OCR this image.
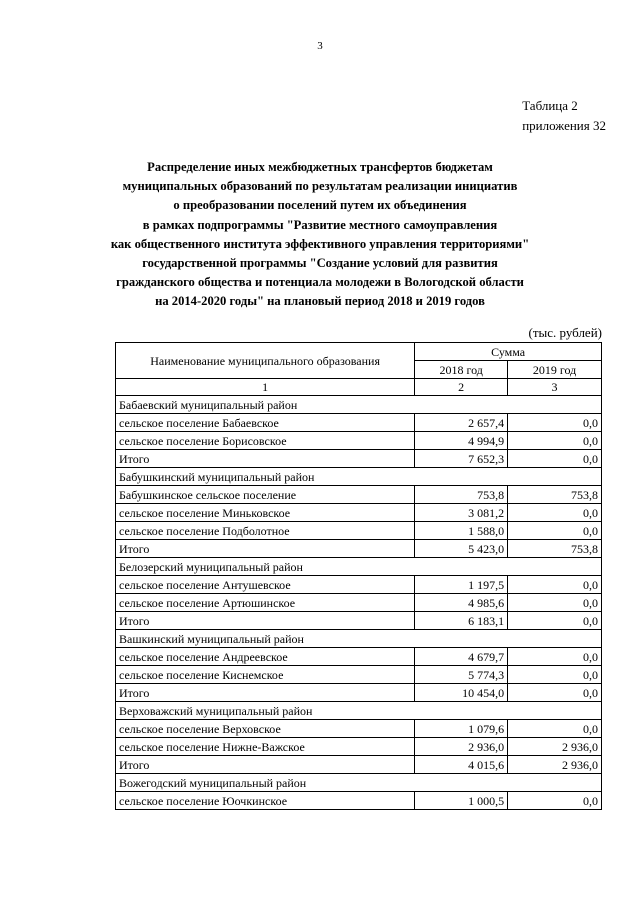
3
Таблица 2
приложения 32
Распределение иных межбюджетных трансфертов бюджетам
муниципальных образований по результатам реализации инициатив
о преобразовании поселений путем их объединения
в рамках подпрограммы "Развитие местного самоуправления
как общественного института эффективного управления территориями"
государственной программы "Создание условий для развития
гражданского общества и потенциала молодежи в Вологодской области
на 2014-2020 годы" на плановый период 2018 и 2019 годов
(тыс. рублей)
Наименование муниципального образования	Сумма	
	2018 год	2019 год
1	2	3
Бабаевский муниципальный район		
сельское поселение Бабаевское	2 657,4	0,0
сельское поселение Борисовское	4 994,9	0,0
Итого	7 652,3	0,0
Бабушкинский муниципальный район		
Бабушкинское сельское поселение	753,8	753,8
сельское поселение Миньковское	3 081,2	0,0
сельское поселение Подболотное	1 588,0	0,0
Итого	5 423,0	753,8
Белозерский муниципальный район		
сельское поселение Антушевское	1 197,5	0,0
сельское поселение Артюшинское	4 985,6	0,0
Итого	6 183,1	0,0
Вашкинский муниципальный район		
сельское поселение Андреевское	4 679,7	0,0
сельское поселение Киснемское	5 774,3	0,0
Итого	10 454,0	0,0
Верховажский муниципальный район		
сельское поселение Верховское	1 079,6	0,0
сельское поселение Нижне-Важское	2 936,0	2 936,0
Итого	4 015,6	2 936,0
Вожегодский муниципальный район		
сельское поселение Юочкинское	1 000,5	0,0
